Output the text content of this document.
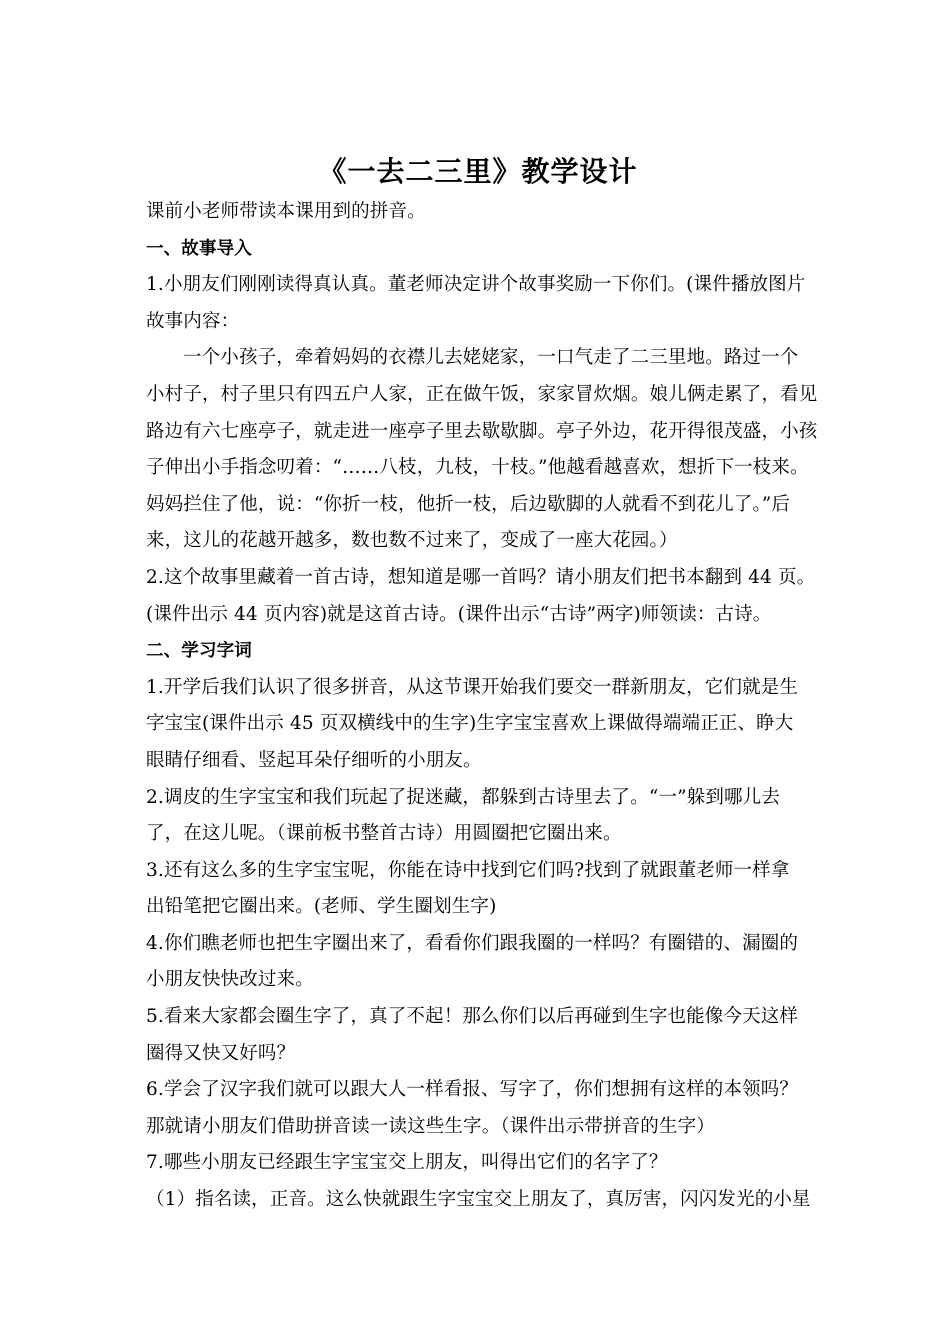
《一去二三里》教学设计
课前小老师带读本课用到的拼音。
一、故事导入
1.小朋友们刚刚读得真认真。董老师决定讲个故事奖励一下你们。(课件播放图片
故事内容：
一个小孩子，牵着妈妈的衣襟儿去姥姥家，一口气走了二三里地。路过一个
小村子，村子里只有四五户人家，正在做午饭，家家冒炊烟。娘儿俩走累了，看见
路边有六七座亭子，就走进一座亭子里去歇歇脚。亭子外边，花开得很茂盛，小孩
子伸出小手指念叨着：“……八枝，九枝，十枝。”他越看越喜欢，想折下一枝来。
妈妈拦住了他，说：“你折一枝，他折一枝，后边歇脚的人就看不到花儿了。”后
来，这儿的花越开越多，数也数不过来了，变成了一座大花园。）
2.这个故事里藏着一首古诗，想知道是哪一首吗？请小朋友们把书本翻到 44 页。
(课件出示 44 页内容)就是这首古诗。(课件出示“古诗”两字)师领读：古诗。
二、学习字词
1.开学后我们认识了很多拼音，从这节课开始我们要交一群新朋友，它们就是生
字宝宝(课件出示 45 页双横线中的生字)生字宝宝喜欢上课做得端端正正、睁大
眼睛仔细看、竖起耳朵仔细听的小朋友。
2.调皮的生字宝宝和我们玩起了捉迷藏，都躲到古诗里去了。“一”躲到哪儿去
了，在这儿呢。（课前板书整首古诗）用圆圈把它圈出来。
3.还有这么多的生字宝宝呢，你能在诗中找到它们吗?找到了就跟董老师一样拿
出铅笔把它圈出来。(老师、学生圈划生字)
4.你们瞧老师也把生字圈出来了，看看你们跟我圈的一样吗？有圈错的、漏圈的
小朋友快快改过来。
5.看来大家都会圈生字了，真了不起！那么你们以后再碰到生字也能像今天这样
圈得又快又好吗？
6.学会了汉字我们就可以跟大人一样看报、写字了，你们想拥有这样的本领吗？
那就请小朋友们借助拼音读一读这些生字。（课件出示带拼音的生字）
7.哪些小朋友已经跟生字宝宝交上朋友，叫得出它们的名字了？
（1）指名读，正音。这么快就跟生字宝宝交上朋友了，真厉害，闪闪发光的小星
